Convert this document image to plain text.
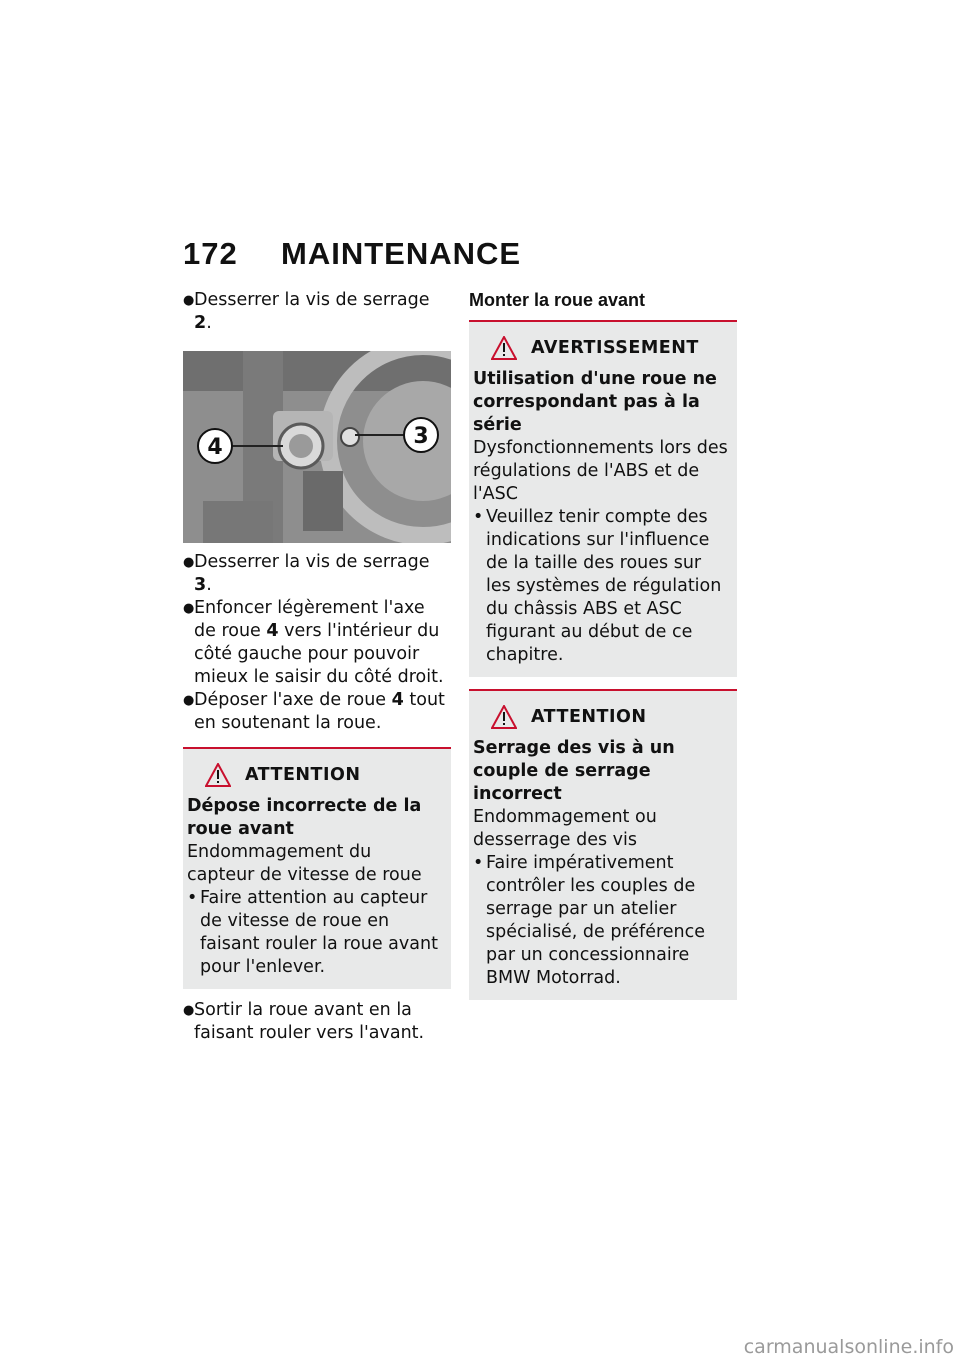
172 MAINTENANCE

● Desserrer la vis de serrage 2.

4	3

● Desserrer la vis de serrage 3.

● Enfoncer légèrement l'axe de roue 4 vers l'intérieur du côté gauche pour pouvoir mieux le saisir du côté droit.

● Déposer l'axe de roue 4 tout en soutenant la roue.

ATTENTION

Dépose incorrecte de la roue avant

Endommagement du capteur de vitesse de roue

• Faire attention au capteur de vitesse de roue en faisant rouler la roue avant pour l'enlever.

● Sortir la roue avant en la faisant rouler vers l'avant.

Monter la roue avant

AVERTISSEMENT

Utilisation d'une roue ne correspondant pas à la série

Dysfonctionnements lors des régulations de l'ABS et de l'ASC

• Veuillez tenir compte des indications sur l'influence de la taille des roues sur les systèmes de régulation du châssis ABS et ASC figurant au début de ce chapitre.

ATTENTION

Serrage des vis à un couple de serrage incorrect

Endommagement ou desserrage des vis

• Faire impérativement contrôler les couples de serrage par un atelier spécialisé, de préférence par un concessionnaire BMW Motorrad.

carmanualsonline.info
